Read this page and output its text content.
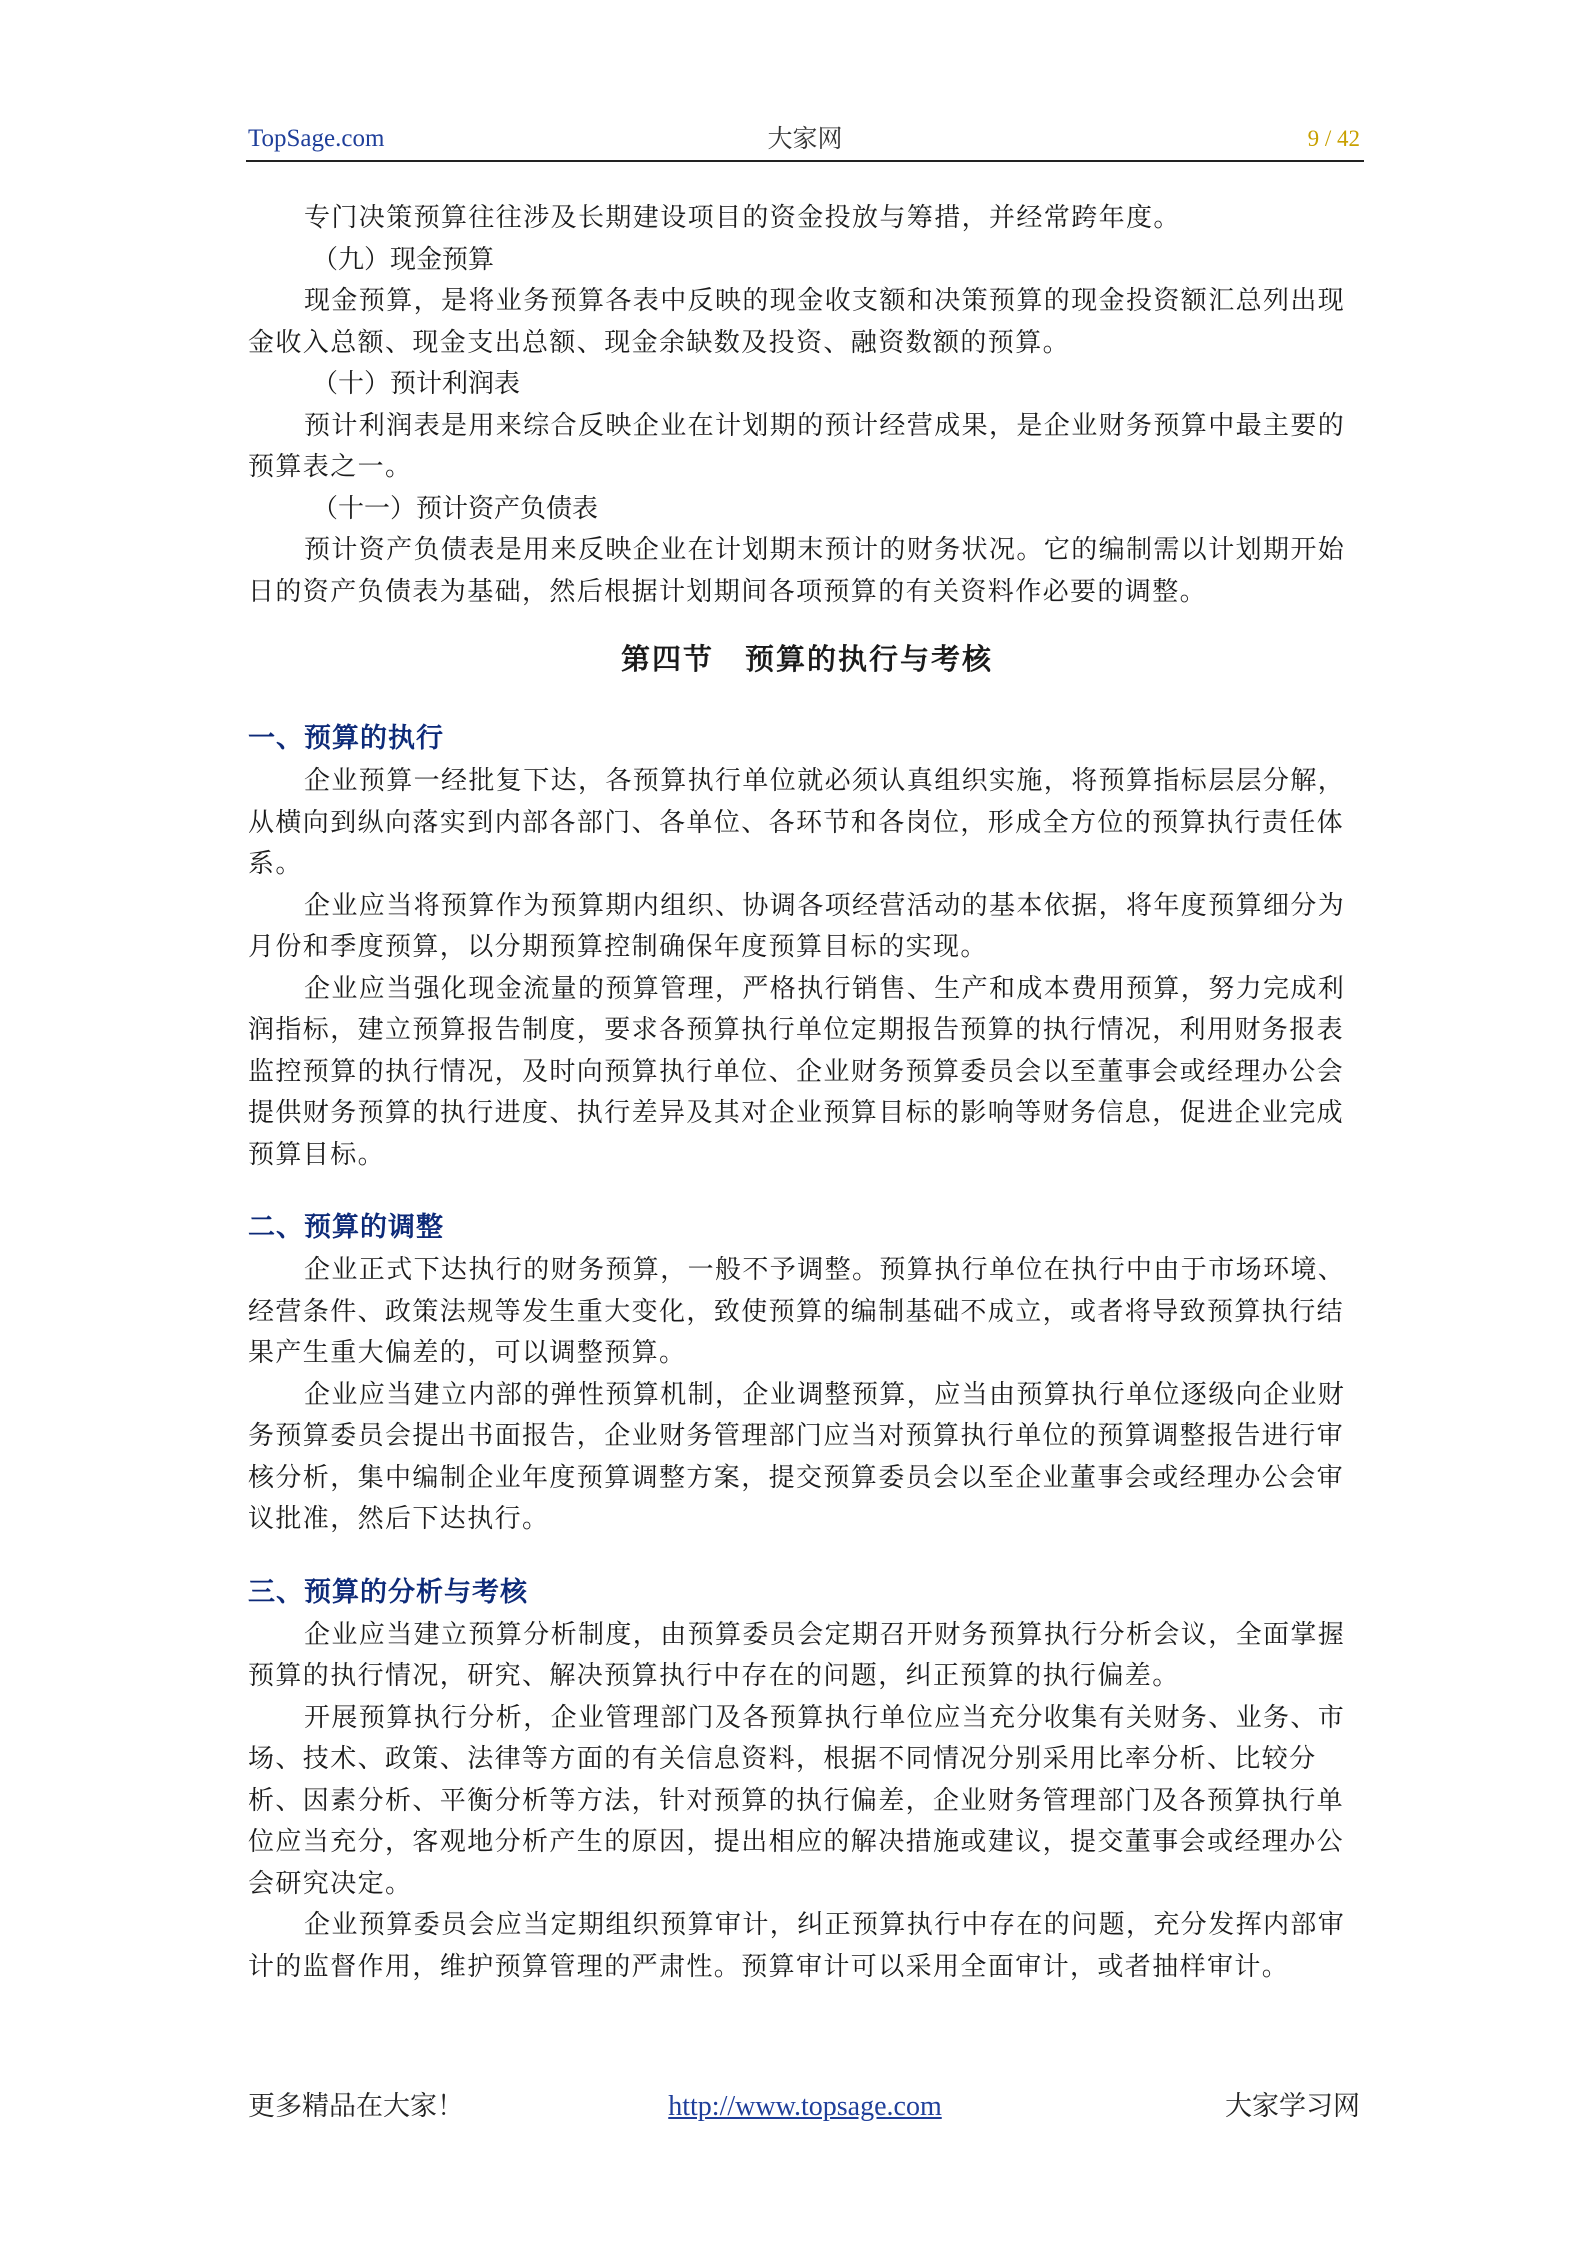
大家网
TopSage.com	9 / 42

专门决策预算往往涉及长期建设项目的资金投放与筹措，并经常跨年度。

（九）现金预算

现金预算，是将业务预算各表中反映的现金收支额和决策预算的现金投资额汇总列出现金收入总额、现金支出总额、现金余缺数及投资、融资数额的预算。

（十）预计利润表

预计利润表是用来综合反映企业在计划期的预计经营成果，是企业财务预算中最主要的预算表之一。

（十一）预计资产负债表

预计资产负债表是用来反映企业在计划期末预计的财务状况。它的编制需以计划期开始日的资产负债表为基础，然后根据计划期间各项预算的有关资料作必要的调整。

第四节　预算的执行与考核

一、预算的执行

企业预算一经批复下达，各预算执行单位就必须认真组织实施，将预算指标层层分解，从横向到纵向落实到内部各部门、各单位、各环节和各岗位，形成全方位的预算执行责任体系。

企业应当将预算作为预算期内组织、协调各项经营活动的基本依据，将年度预算细分为月份和季度预算，以分期预算控制确保年度预算目标的实现。

企业应当强化现金流量的预算管理，严格执行销售、生产和成本费用预算，努力完成利润指标，建立预算报告制度，要求各预算执行单位定期报告预算的执行情况，利用财务报表监控预算的执行情况，及时向预算执行单位、企业财务预算委员会以至董事会或经理办公会提供财务预算的执行进度、执行差异及其对企业预算目标的影响等财务信息，促进企业完成预算目标。

二、预算的调整

企业正式下达执行的财务预算，一般不予调整。预算执行单位在执行中由于市场环境、经营条件、政策法规等发生重大变化，致使预算的编制基础不成立，或者将导致预算执行结果产生重大偏差的，可以调整预算。

企业应当建立内部的弹性预算机制，企业调整预算，应当由预算执行单位逐级向企业财务预算委员会提出书面报告，企业财务管理部门应当对预算执行单位的预算调整报告进行审核分析，集中编制企业年度预算调整方案，提交预算委员会以至企业董事会或经理办公会审议批准，然后下达执行。

三、预算的分析与考核

企业应当建立预算分析制度，由预算委员会定期召开财务预算执行分析会议，全面掌握预算的执行情况，研究、解决预算执行中存在的问题，纠正预算的执行偏差。

开展预算执行分析，企业管理部门及各预算执行单位应当充分收集有关财务、业务、市场、技术、政策、法律等方面的有关信息资料，根据不同情况分别采用比率分析、比较分析、因素分析、平衡分析等方法，针对预算的执行偏差，企业财务管理部门及各预算执行单位应当充分，客观地分析产生的原因，提出相应的解决措施或建议，提交董事会或经理办公会研究决定。

企业预算委员会应当定期组织预算审计，纠正预算执行中存在的问题，充分发挥内部审计的监督作用，维护预算管理的严肃性。预算审计可以采用全面审计，或者抽样审计。

http://www.topsage.com
更多精品在大家！	大家学习网
